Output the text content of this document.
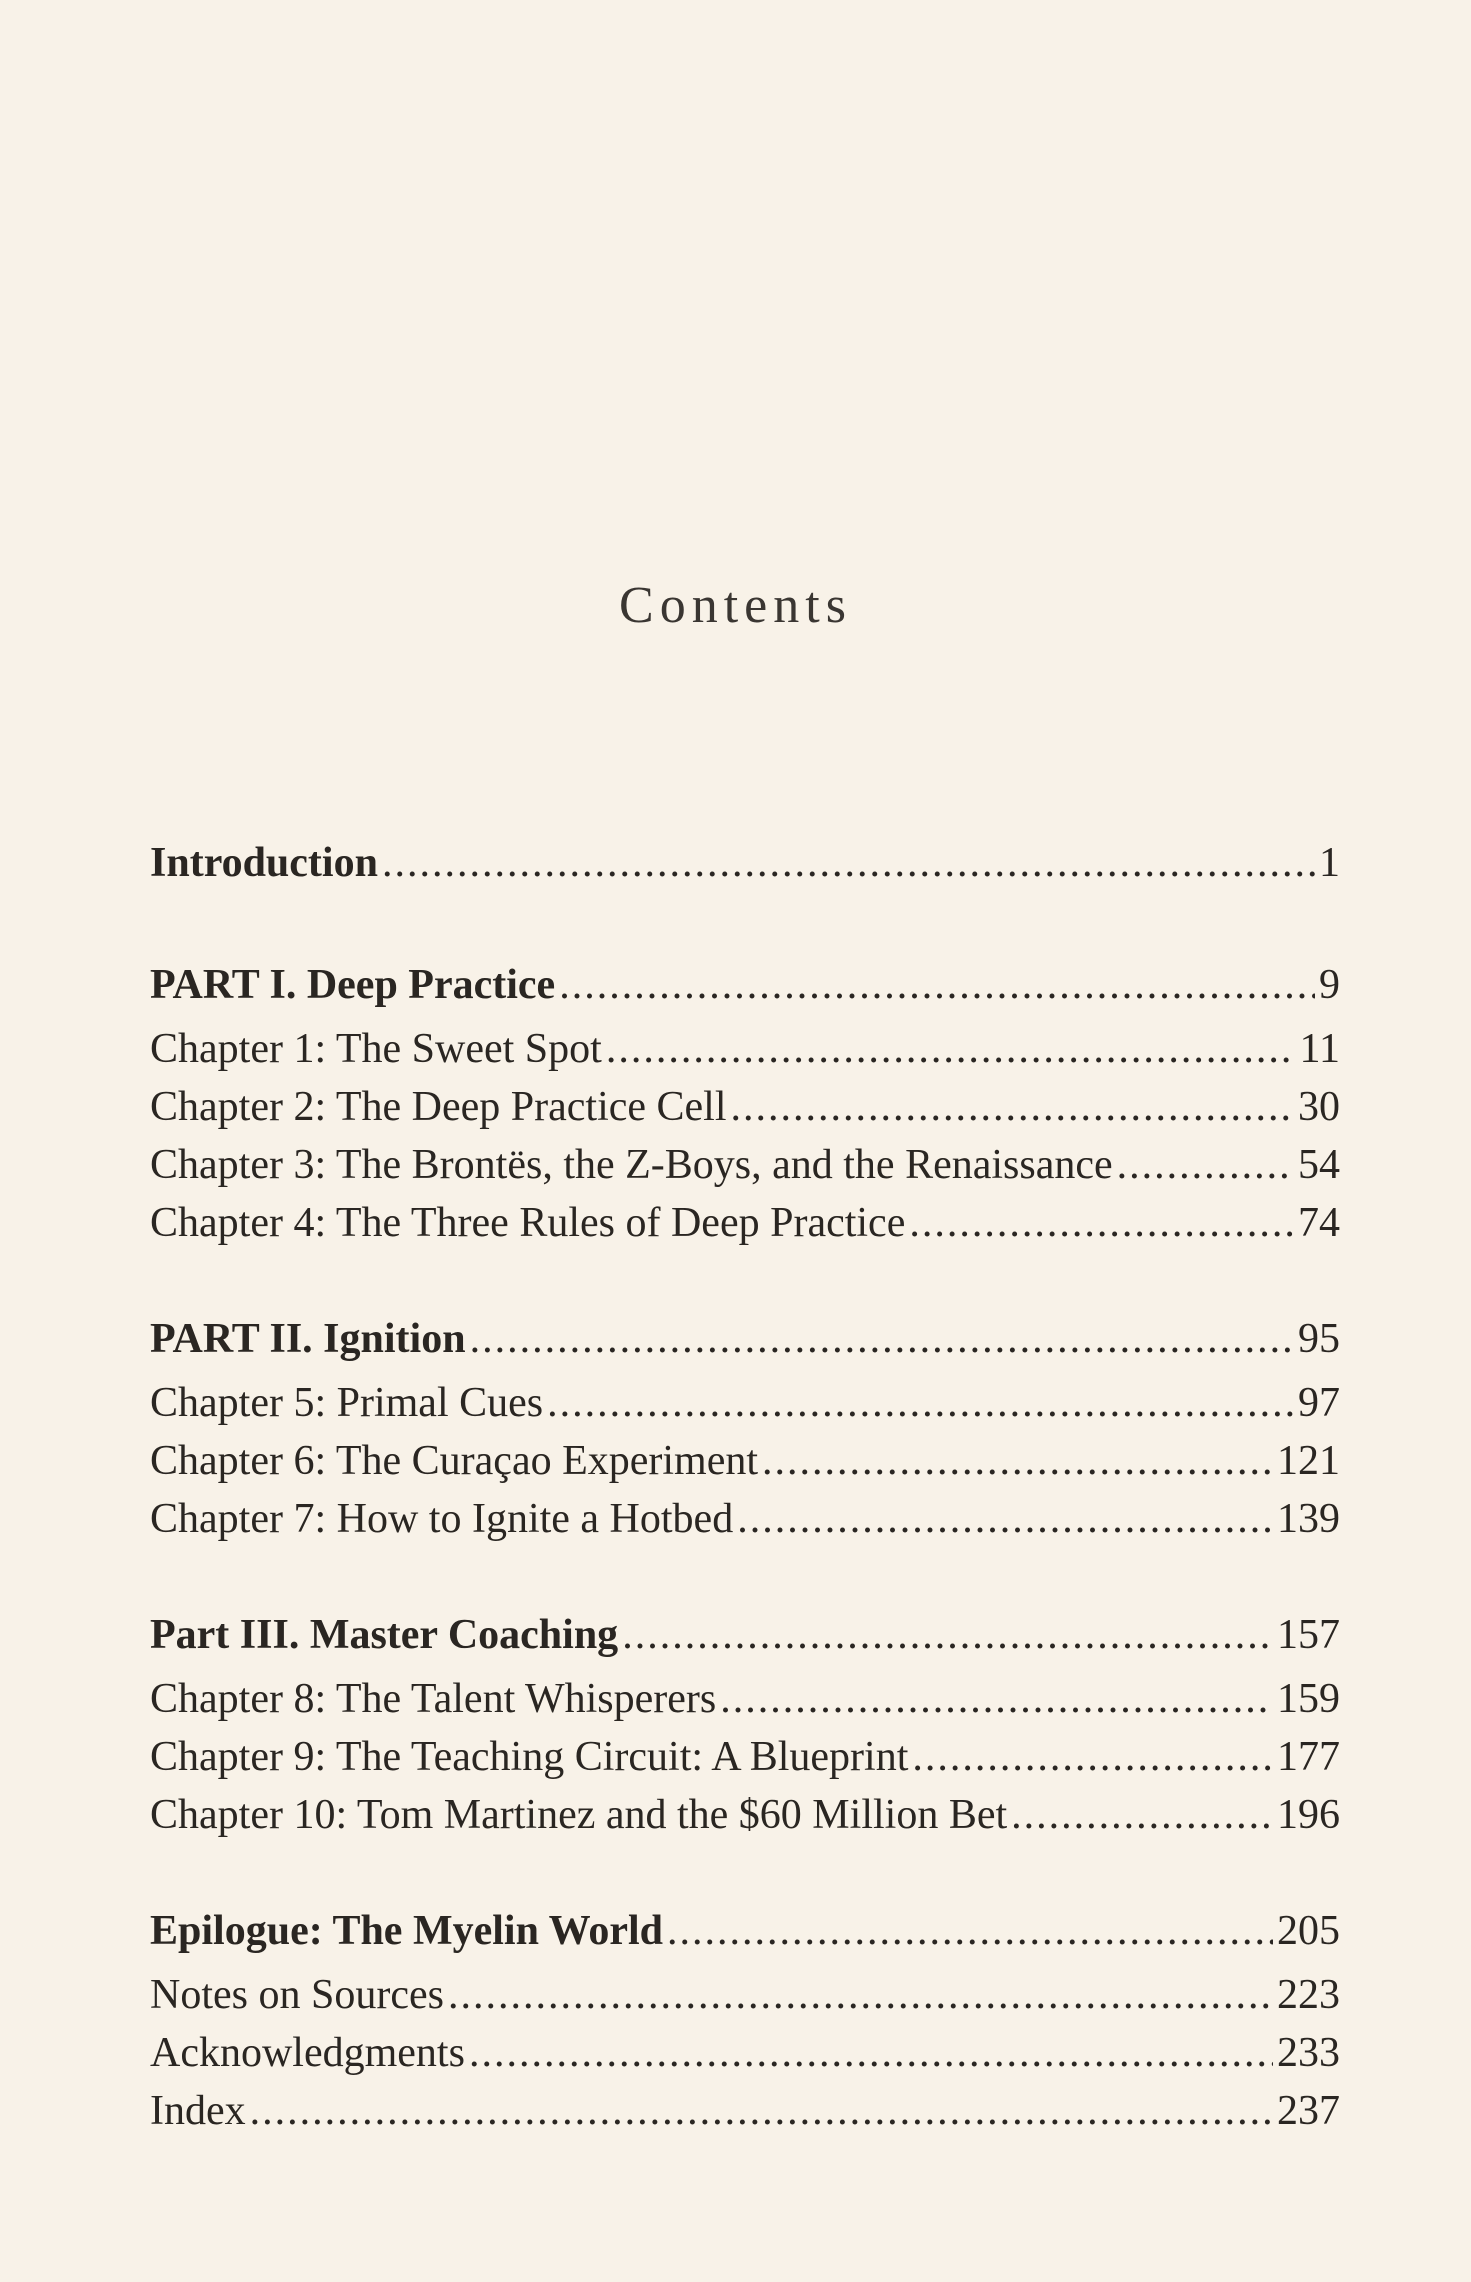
Contents
Introduction .....	1
PART I. Deep Practice .....	9
Chapter 1: The Sweet Spot .....	11
Chapter 2: The Deep Practice Cell .....	30
Chapter 3: The Brontës, the Z-Boys, and the Renaissance .....	54
Chapter 4: The Three Rules of Deep Practice .....	74
PART II. Ignition .....	95
Chapter 5: Primal Cues .....	97
Chapter 6: The Curaçao Experiment .....	121
Chapter 7: How to Ignite a Hotbed .....	139
Part III. Master Coaching .....	157
Chapter 8: The Talent Whisperers .....	159
Chapter 9: The Teaching Circuit: A Blueprint .....	177
Chapter 10: Tom Martinez and the $60 Million Bet .....	196
Epilogue: The Myelin World .....	205
Notes on Sources .....	223
Acknowledgments .....	233
Index .....	237
